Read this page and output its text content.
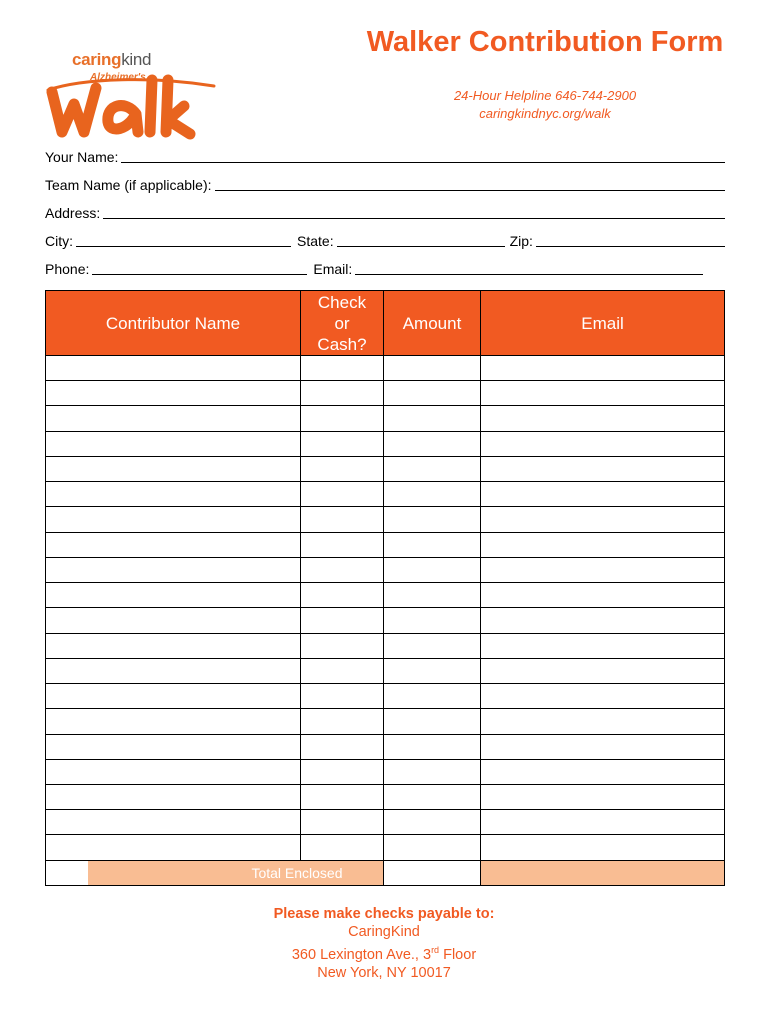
caringkind
Alzheimer's
Walker Contribution Form
24-Hour Helpline 646-744-2900
caringkindnyc.org/walk
Your Name:
Team Name (if applicable):
Address:
City:	State:	Zip:
Phone:	Email:
Contributor Name	Check or Cash?	Amount	Email

Total Enclosed			
Please make checks payable to:
CaringKind
360 Lexington Ave., 3rd Floor
New York, NY 10017
